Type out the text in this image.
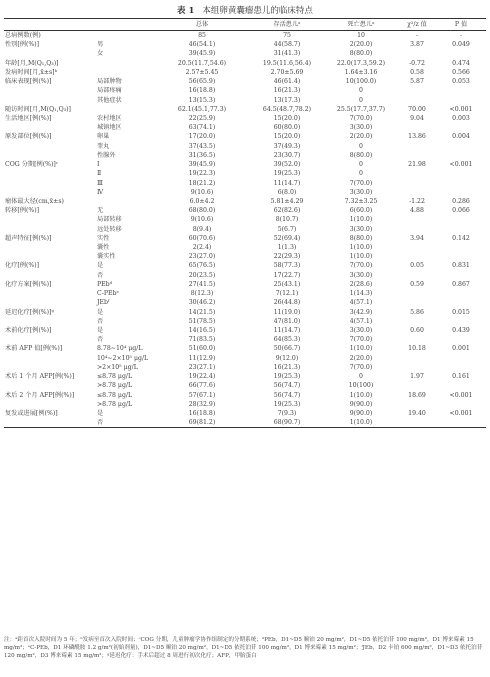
表 1 本组卵黄囊瘤患儿的临床特点
		总体	存活患儿ᵃ	死亡患儿ᵃ	χ²/z 值	P 值
总病例数(例)		85	75	10	-	-
性别[例(%)]	男	46(54.1)	44(58.7)	2(20.0)	3.87	0.049
	女	39(45.9)	31(41.3)	8(80.0)		
年龄[月,M(Q₁,Q₃)]		20.5(11.7,54.6)	19.5(11.6,56.4)	22.0(17.3,59.2)	-0.72	0.474
发病时间[月,x̄±s]ᵇ		2.57±5.45	2.70±5.69	1.64±3.16	0.58	0.566
临床表现[例(%)]	局部肿物	56(65.9)	46(61.4)	10(100.0)	5.87	0.053
	局部疼痛	16(18.8)	16(21.3)	0		
	其他症状	13(15.3)	13(17.3)	0		
随访时间[月,M(Q₁,Q₃)]		62.1(45.1,77.3)	64.5(48.7,78.2)	25.5(17.7,37.7)	70.00	<0.001
生活地区[例(%)]	农村地区	22(25.9)	15(20.0)	7(70.0)	9.04	0.003
	城镇地区	63(74.1)	60(80.0)	3(30.0)		
原发部位[例(%)]	卵巢	17(20.0)	15(20.0)	2(20.0)	13.86	0.004
	睾丸	37(43.5)	37(49.3)	0		
	性腺外	31(36.5)	23(30.7)	8(80.0)		
COG 分期[例(%)]ᶜ	Ⅰ	39(45.9)	39(52.0)	0	21.98	<0.001
	Ⅱ	19(22.3)	19(25.3)	0		
	Ⅲ	18(21.2)	11(14.7)	7(70.0)		
	Ⅳ	9(10.6)	6(8.0)	3(30.0)		
瘤体最大径(cm,x̄±s)		6.0±4.2	5.81±4.29	7.32±3.25	-1.22	0.286
转移[例(%)]	无	68(80.0)	62(82.6)	6(60.0)	4.88	0.066
	局部转移	9(10.6)	8(10.7)	1(10.0)		
	远处转移	8(9.4)	5(6.7)	3(30.0)		
超声特征[例(%)]	实性	60(70.6)	52(69.4)	8(80.0)	3.94	0.142
	囊性	2(2.4)	1(1.3)	1(10.0)		
	囊实性	23(27.0)	22(29.3)	1(10.0)		
化疗[例(%)]	是	65(76.5)	58(77.3)	7(70.0)	0.05	0.831
	否	20(23.5)	17(22.7)	3(30.0)		
化疗方案[例(%)]	PEbᵈ	27(41.5)	25(43.1)	2(28.6)	0.59	0.867
	C-PEbᵉ	8(12.3)	7(12.1)	1(14.3)		
	JEbᶠ	30(46.2)	26(44.8)	4(57.1)		
延迟化疗[例(%)]ᵍ	是	14(21.5)	11(19.0)	3(42.9)	5.86	0.015
	否	51(78.5)	47(81.0)	4(57.1)		
术前化疗[例(%)]	是	14(16.5)	11(14.7)	3(30.0)	0.60	0.439
	否	71(83.5)	64(85.3)	7(70.0)		
术前 AFP 值[例(%)]	8.78~10⁴ μg/L	51(60.0)	50(66.7)	1(10.0)	10.18	0.001
	10⁴~2×10⁵ μg/L	11(12.9)	9(12.0)	2(20.0)		
	>2×10⁵ μg/L	23(27.1)	16(21.3)	7(70.0)		
术后 1 个月 AFP[例(%)]	≤8.78 μg/L	19(22.4)	19(25.3)	0	1.97	0.161
	>8.78 μg/L	66(77.6)	56(74.7)	10(100)		
术后 2 个月 AFP[例(%)]	≤8.78 μg/L	57(67.1)	56(74.7)	1(10.0)	18.69	<0.001
	>8.78 μg/L	28(32.9)	19(25.3)	9(90.0)		
复发或进展[例(%)]	是	16(18.8)	7(9.3)	9(90.0)	19.40	<0.001
	否	69(81.2)	68(90.7)	1(10.0)		
注：ᵃ距首次入院时间为 5 年；ᵇ发病至首次入院时间；ᶜCOG 分期，儿童肿瘤学协作组制定的分期系统；ᵈPEb，D1~D5 顺铂 20 mg/m²，D1~D5 依托泊苷 100 mg/m²，D1 博来霉素 15 mg/m²；ᵉC-PEb，D1 环磷酰胺 1.2 g/m²(初始剂量)，D1~D5 顺铂 20 mg/m²，D1~D5 依托泊苷 100 mg/m²，D1 博来霉素 15 mg/m²；ᶠJEb，D2 卡铂 600 mg/m²，D1~D3 依托泊苷 120 mg/m²，D3 博来霉素 15 mg/m²；ᵍ延迟化疗：手术后超过 8 周进行初次化疗；AFP，甲胎蛋白
